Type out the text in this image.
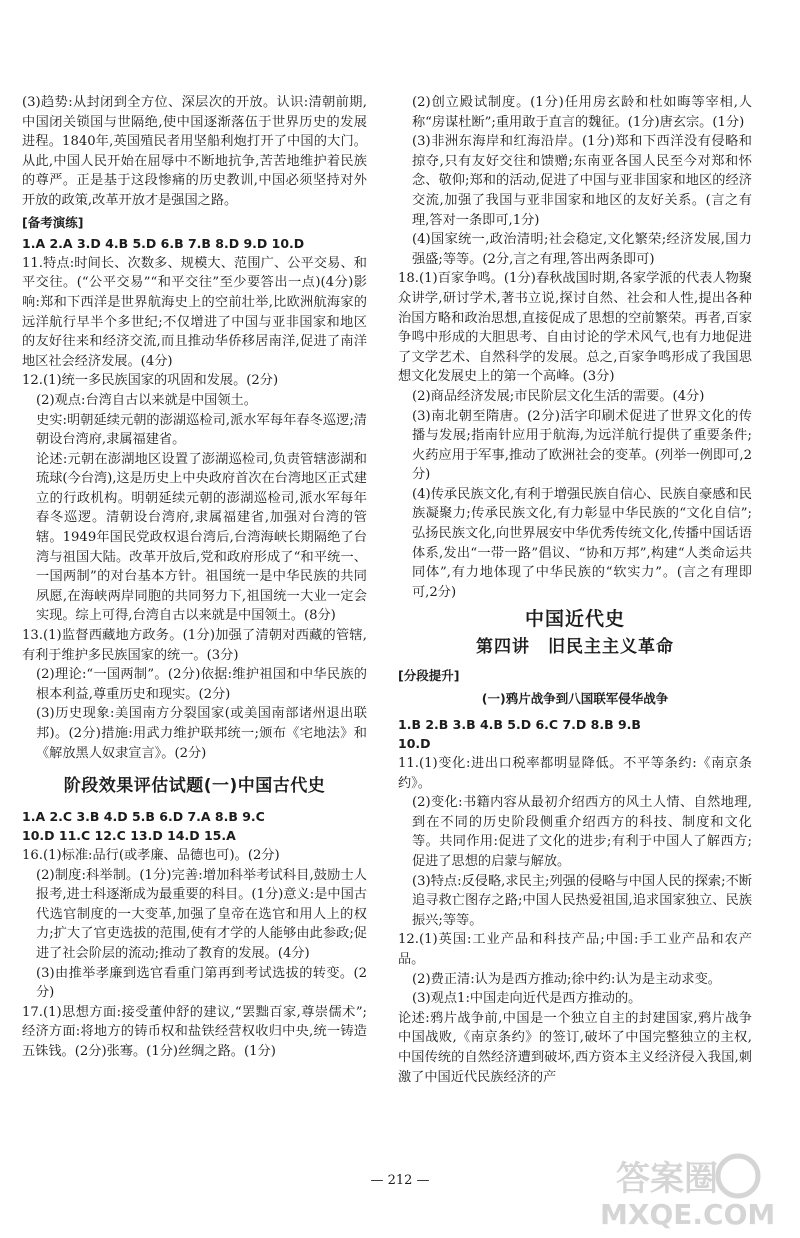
(3)趋势:从封闭到全方位、深层次的开放。认识:清朝前期,中国闭关锁国与世隔绝,使中国逐渐落伍于世界历史的发展进程。1840年,英国殖民者用坚船利炮打开了中国的大门。从此,中国人民开始在屈辱中不断地抗争,苦苦地维护着民族的尊严。正是基于这段惨痛的历史教训,中国必须坚持对外开放的政策,改革开放才是强国之路。
[备考演练]
1.A 2.A 3.D 4.B 5.D 6.B 7.B 8.D 9.D 10.D
11.特点:时间长、次数多、规模大、范围广、公平交易、和平交往。(“公平交易”“和平交往”至少要答出一点)(4分)影响:郑和下西洋是世界航海史上的空前壮举,比欧洲航海家的远洋航行早半个多世纪;不仅增进了中国与亚非国家和地区的友好往来和经济交流,而且推动华侨移居南洋,促进了南洋地区社会经济发展。(4分)
12.(1)统一多民族国家的巩固和发展。(2分)
(2)观点:台湾自古以来就是中国领土。
史实:明朝延续元朝的澎湖巡检司,派水军每年春冬巡逻;清朝设台湾府,隶属福建省。
论述:元朝在澎湖地区设置了澎湖巡检司,负责管辖澎湖和琉球(今台湾),这是历史上中央政府首次在台湾地区正式建立的行政机构。明朝延续元朝的澎湖巡检司,派水军每年春冬巡逻。清朝设台湾府,隶属福建省,加强对台湾的管辖。1949年国民党政权退台湾后,台湾海峡长期隔绝了台湾与祖国大陆。改革开放后,党和政府形成了“和平统一、一国两制”的对台基本方针。祖国统一是中华民族的共同夙愿,在海峡两岸同胞的共同努力下,祖国统一大业一定会实现。综上可得,台湾自古以来就是中国领土。(8分)
13.(1)监督西藏地方政务。(1分)加强了清朝对西藏的管辖,有利于维护多民族国家的统一。(3分)
(2)理论:“一国两制”。(2分)依据:维护祖国和中华民族的根本利益,尊重历史和现实。(2分)
(3)历史现象:美国南方分裂国家(或美国南部诸州退出联邦)。(2分)措施:用武力维护联邦统一;颁布《宅地法》和《解放黑人奴隶宣言》。(2分)
阶段效果评估试题(一)中国古代史
1.A 2.C 3.B 4.D 5.B 6.D 7.A 8.B 9.C
10.D 11.C 12.C 13.D 14.D 15.A
16.(1)标准:品行(或孝廉、品德也可)。(2分)
(2)制度:科举制。(1分)完善:增加科举考试科目,鼓励士人报考,进士科逐渐成为最重要的科目。(1分)意义:是中国古代选官制度的一大变革,加强了皇帝在选官和用人上的权力;扩大了官吏选拔的范围,使有才学的人能够由此参政;促进了社会阶层的流动;推动了教育的发展。(4分)
(3)由推举孝廉到选官看重门第再到考试选拔的转变。(2分)
17.(1)思想方面:接受董仲舒的建议,“罢黜百家,尊崇儒术”;经济方面:将地方的铸币权和盐铁经营权收归中央,统一铸造五铢钱。(2分)张骞。(1分)丝绸之路。(1分)
(2)创立殿试制度。(1分)任用房玄龄和杜如晦等宰相,人称“房谋杜断”;重用敢于直言的魏征。(1分)唐玄宗。(1分)
(3)非洲东海岸和红海沿岸。(1分)郑和下西洋没有侵略和掠夺,只有友好交往和馈赠;东南亚各国人民至今对郑和怀念、敬仰;郑和的活动,促进了中国与亚非国家和地区的经济交流,加强了我国与亚非国家和地区的友好关系。(言之有理,答对一条即可,1分)
(4)国家统一,政治清明;社会稳定,文化繁荣;经济发展,国力强盛;等等。(2分,言之有理,答出两条即可)
18.(1)百家争鸣。(1分)春秋战国时期,各家学派的代表人物聚众讲学,研讨学术,著书立说,探讨自然、社会和人性,提出各种治国方略和政治思想,直接促成了思想的空前繁荣。再者,百家争鸣中形成的大胆思考、自由讨论的学术风气,也有力地促进了文学艺术、自然科学的发展。总之,百家争鸣形成了我国思想文化发展史上的第一个高峰。(3分)
(2)商品经济发展;市民阶层文化生活的需要。(4分)
(3)南北朝至隋唐。(2分)活字印刷术促进了世界文化的传播与发展;指南针应用于航海,为远洋航行提供了重要条件;火药应用于军事,推动了欧洲社会的变革。(列举一例即可,2分)
(4)传承民族文化,有利于增强民族自信心、民族自豪感和民族凝聚力;传承民族文化,有力彰显中华民族的“文化自信”;弘扬民族文化,向世界展安中华优秀传统文化,传播中国话语体系,发出“一带一路”倡议、“协和万邦”,构建“人类命运共同体”,有力地体现了中华民族的“软实力”。(言之有理即可,2分)
中国近代史
第四讲　旧民主主义革命
[分段提升]
(一)鸦片战争到八国联军侵华战争
1.B 2.B 3.B 4.B 5.D 6.C 7.D 8.B 9.B
10.D
11.(1)变化:进出口税率都明显降低。不平等条约:《南京条约》。
(2)变化:书籍内容从最初介绍西方的风土人情、自然地理,到在不同的历史阶段侧重介绍西方的科技、制度和文化等。共同作用:促进了文化的进步;有利于中国人了解西方;促进了思想的启蒙与解放。
(3)特点:反侵略,求民主;列强的侵略与中国人民的探索;不断追寻救亡图存之路;中国人民热爱祖国,追求国家独立、民族振兴;等等。
12.(1)英国:工业产品和科技产品;中国:手工业产品和农产品。
(2)费正清:认为是西方推动;徐中约:认为是主动求变。
(3)观点1:中国走向近代是西方推动的。
论述:鸦片战争前,中国是一个独立自主的封建国家,鸦片战争中国战败,《南京条约》的签订,破坏了中国完整独立的主权,中国传统的自然经济遭到破坏,西方资本主义经济侵入我国,刺激了中国近代民族经济的产
— 212 —	答案圈
MXQE.COM
